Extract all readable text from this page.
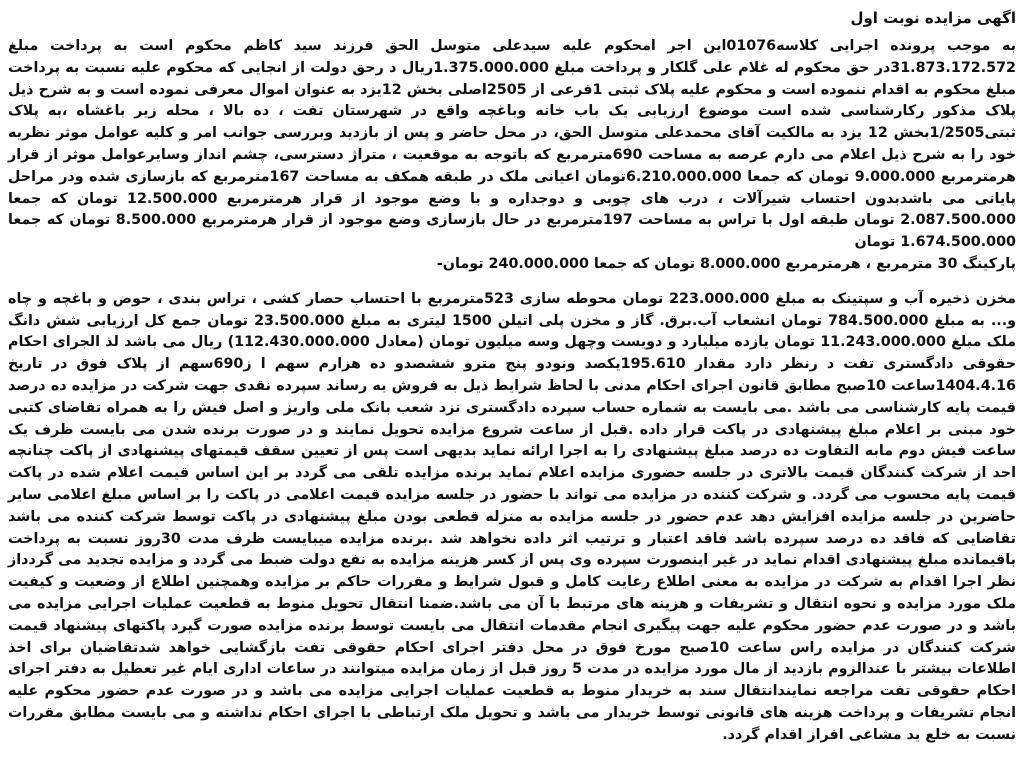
اگهی مزایده نوبت اول

به موجب پرونده اجرایی کلاسه01076این اجر امحکوم علیه سیدعلی متوسل الحق فرزند سید کاظم محکوم است به پرداخت مبلغ 31.873.172.572در حق محکوم له غلام علی گلکار و پرداخت مبلغ 1.375.000.000ریال د رحق دولت از انجایی که محکوم علیه نسبت به پرداخت مبلغ محکوم به اقدام ننموده است و محکوم علیه پلاک ثبتی 1فرعی از 2505اصلی بخش 12یزد به عنوان اموال معرفی نموده است و به شرح ذیل پلاک مذکور رکارشناسی شده است موضوع ارزیابی یک باب خانه وباغچه واقع در شهرستان تفت ، ده بالا ، محله زیر باغشاه ،به پلاک ثبتی1/2505بخش 12 یزد به مالکیت آقای محمدعلی متوسل الحق، در محل حاضر و پس از بازدید وبررسی جوانب امر و کلیه عوامل موثر نظریه خود را به شرح ذیل اعلام می دارم عرصه به مساحت 690مترمربع که باتوجه به موقعیت ، متراژ دسترسی، چشم انداز وسایرعوامل موثر از قرار هرمترمربع 9.000.000 تومان که جمعا 6.210.000.000تومان اعیانی ملک در طبقه همکف به مساحت 167مترمربع که بازسازی شده ودر مراحل پایانی می باشدبدون احتساب شیرآلات ، درب های چوبی و دوجداره و با وضع موجود از قرار هرمترمربع 12.500.000 تومان که جمعا 2.087.500.000 تومان طبقه اول با تراس به مساحت 197مترمربع در حال بازسازی وضع موجود از قرار هرمترمربع 8.500.000 تومان که جمعا 1.674.500.000 تومان

پارکینگ 30 مترمربع ، هرمترمربع 8.000.000 تومان که جمعا 240.000.000 تومان-

مخزن ذخیره آب و سپتینک به مبلغ 223.000.000 تومان محوطه سازی 523مترمربع با احتساب حصار کشی ، تراس بندی ، حوض و باغچه و چاه و... به مبلغ 784.500.000 تومان انشعاب آب.برق. گاز و مخزن پلی اتیلن 1500 لیتری به مبلغ 23.500.000 تومان جمع کل ارزیابی شش دانگ ملک مبلغ 11.243.000.000 تومان یازده میلیارد و دویست وچهل وسه میلیون تومان (معادل 112.430.000.000) ریال می باشد لذ الجرای احکام حقوقی دادگستری تفت د رنظر دارد مقدار 195.610یکصد ونودو پنج مترو ششصدو ده هزارم سهم ا ز690سهم از پلاک فوق در تاریخ 1404.4.16ساعت 10صبح مطابق قانون اجرای احکام مدنی با لحاظ شرایط ذیل به فروش به رساند سپرده نقدی جهت شرکت در مزایده ده درصد قیمت پایه کارشناسی می باشد .می بایست به شماره حساب سپرده دادگستری نزد شعب بانک ملی واریز و اصل فیش را به همراه تقاضای کتبی خود مبنی بر اعلام مبلغ پیشنهادی در پاکت قرار داده .قبل از ساعت شروع مزایده تحویل نمایند و در صورت برنده شدن می بایست ظرف یک ساعت فیش دوم مابه التفاوت ده درصد مبلغ پیشنهادی را به اجرا ارائه نماید بدیهی است پس از تعیین سقف قیمتهای پیشنهادی از پاکت چنانچه احد از شرکت کنندگان قیمت بالاتری در جلسه حضوری مزایده اعلام نماید برنده مزایده تلقی می گردد بر این اساس قیمت اعلام شده در پاکت قیمت پایه محسوب می گردد. و شرکت کننده در مزایده می تواند با حضور در جلسه مزایده قیمت اعلامی در پاکت را بر اساس مبلغ اعلامی سایر حاضرین در جلسه مزایده افزایش دهد عدم حضور در جلسه مزایده به منزله قطعی بودن مبلغ پیشنهادی در پاکت توسط شرکت کننده می باشد تقاضایی که فاقد ده درصد سپرده باشد فاقد اعتبار و ترتیب اثر داده نخواهد شد .برنده مزایده میبایست ظرف مدت 30روز نسبت به پرداخت باقیمانده مبلغ پیشنهادی اقدام نماید در غیر اینصورت سپرده وی پس از کسر هزینه مزایده به نفع دولت ضبط می گردد و مزایده تجدید می گردداز نظر اجرا اقدام به شرکت در مزایده به معنی اطلاع رعایت کامل و قبول شرایط و مقررات حاکم بر مزایده وهمچنین اطلاع از وضعیت و کیفیت ملک مورد مزایده و نحوه انتقال و تشریفات و هزینه های مرتبط با آن می باشد.ضمنا انتقال تحویل منوط به قطعیت عملیات اجرایی مزایده می باشد و در صورت عدم حضور محکوم علیه جهت پیگیری انجام مقدمات انتقال می بایست توسط برنده مزایده صورت گیرد پاکتهای پیشنهاد قیمت شرکت کنندگان در مزایده راس ساعت 10صبح مورخ فوق در محل دفتر اجرای احکام حقوقی تفت بازگشایی خواهد شدتقاضیان برای اخذ اطلاعات بیشتر با عندالزوم بازدید از مال مورد مزایده در مدت 5 روز قبل از زمان مزایده میتوانند در ساعات اداری ایام غیر تعطیل به دفتر اجرای احکام حقوقی تفت مراجعه نمایندانتقال سند به خریدار منوط به قطعیت عملیات اجرایی مزایده می باشد و در صورت عدم حضور محکوم علیه انجام تشریفات و پرداخت هزینه های قانونی توسط خریدار می باشد و تحویل ملک ارتباطی با اجرای احکام نداشته و می بایست مطابق مقررات نسبت به خلع ید مشاعی افراز اقدام گردد.
